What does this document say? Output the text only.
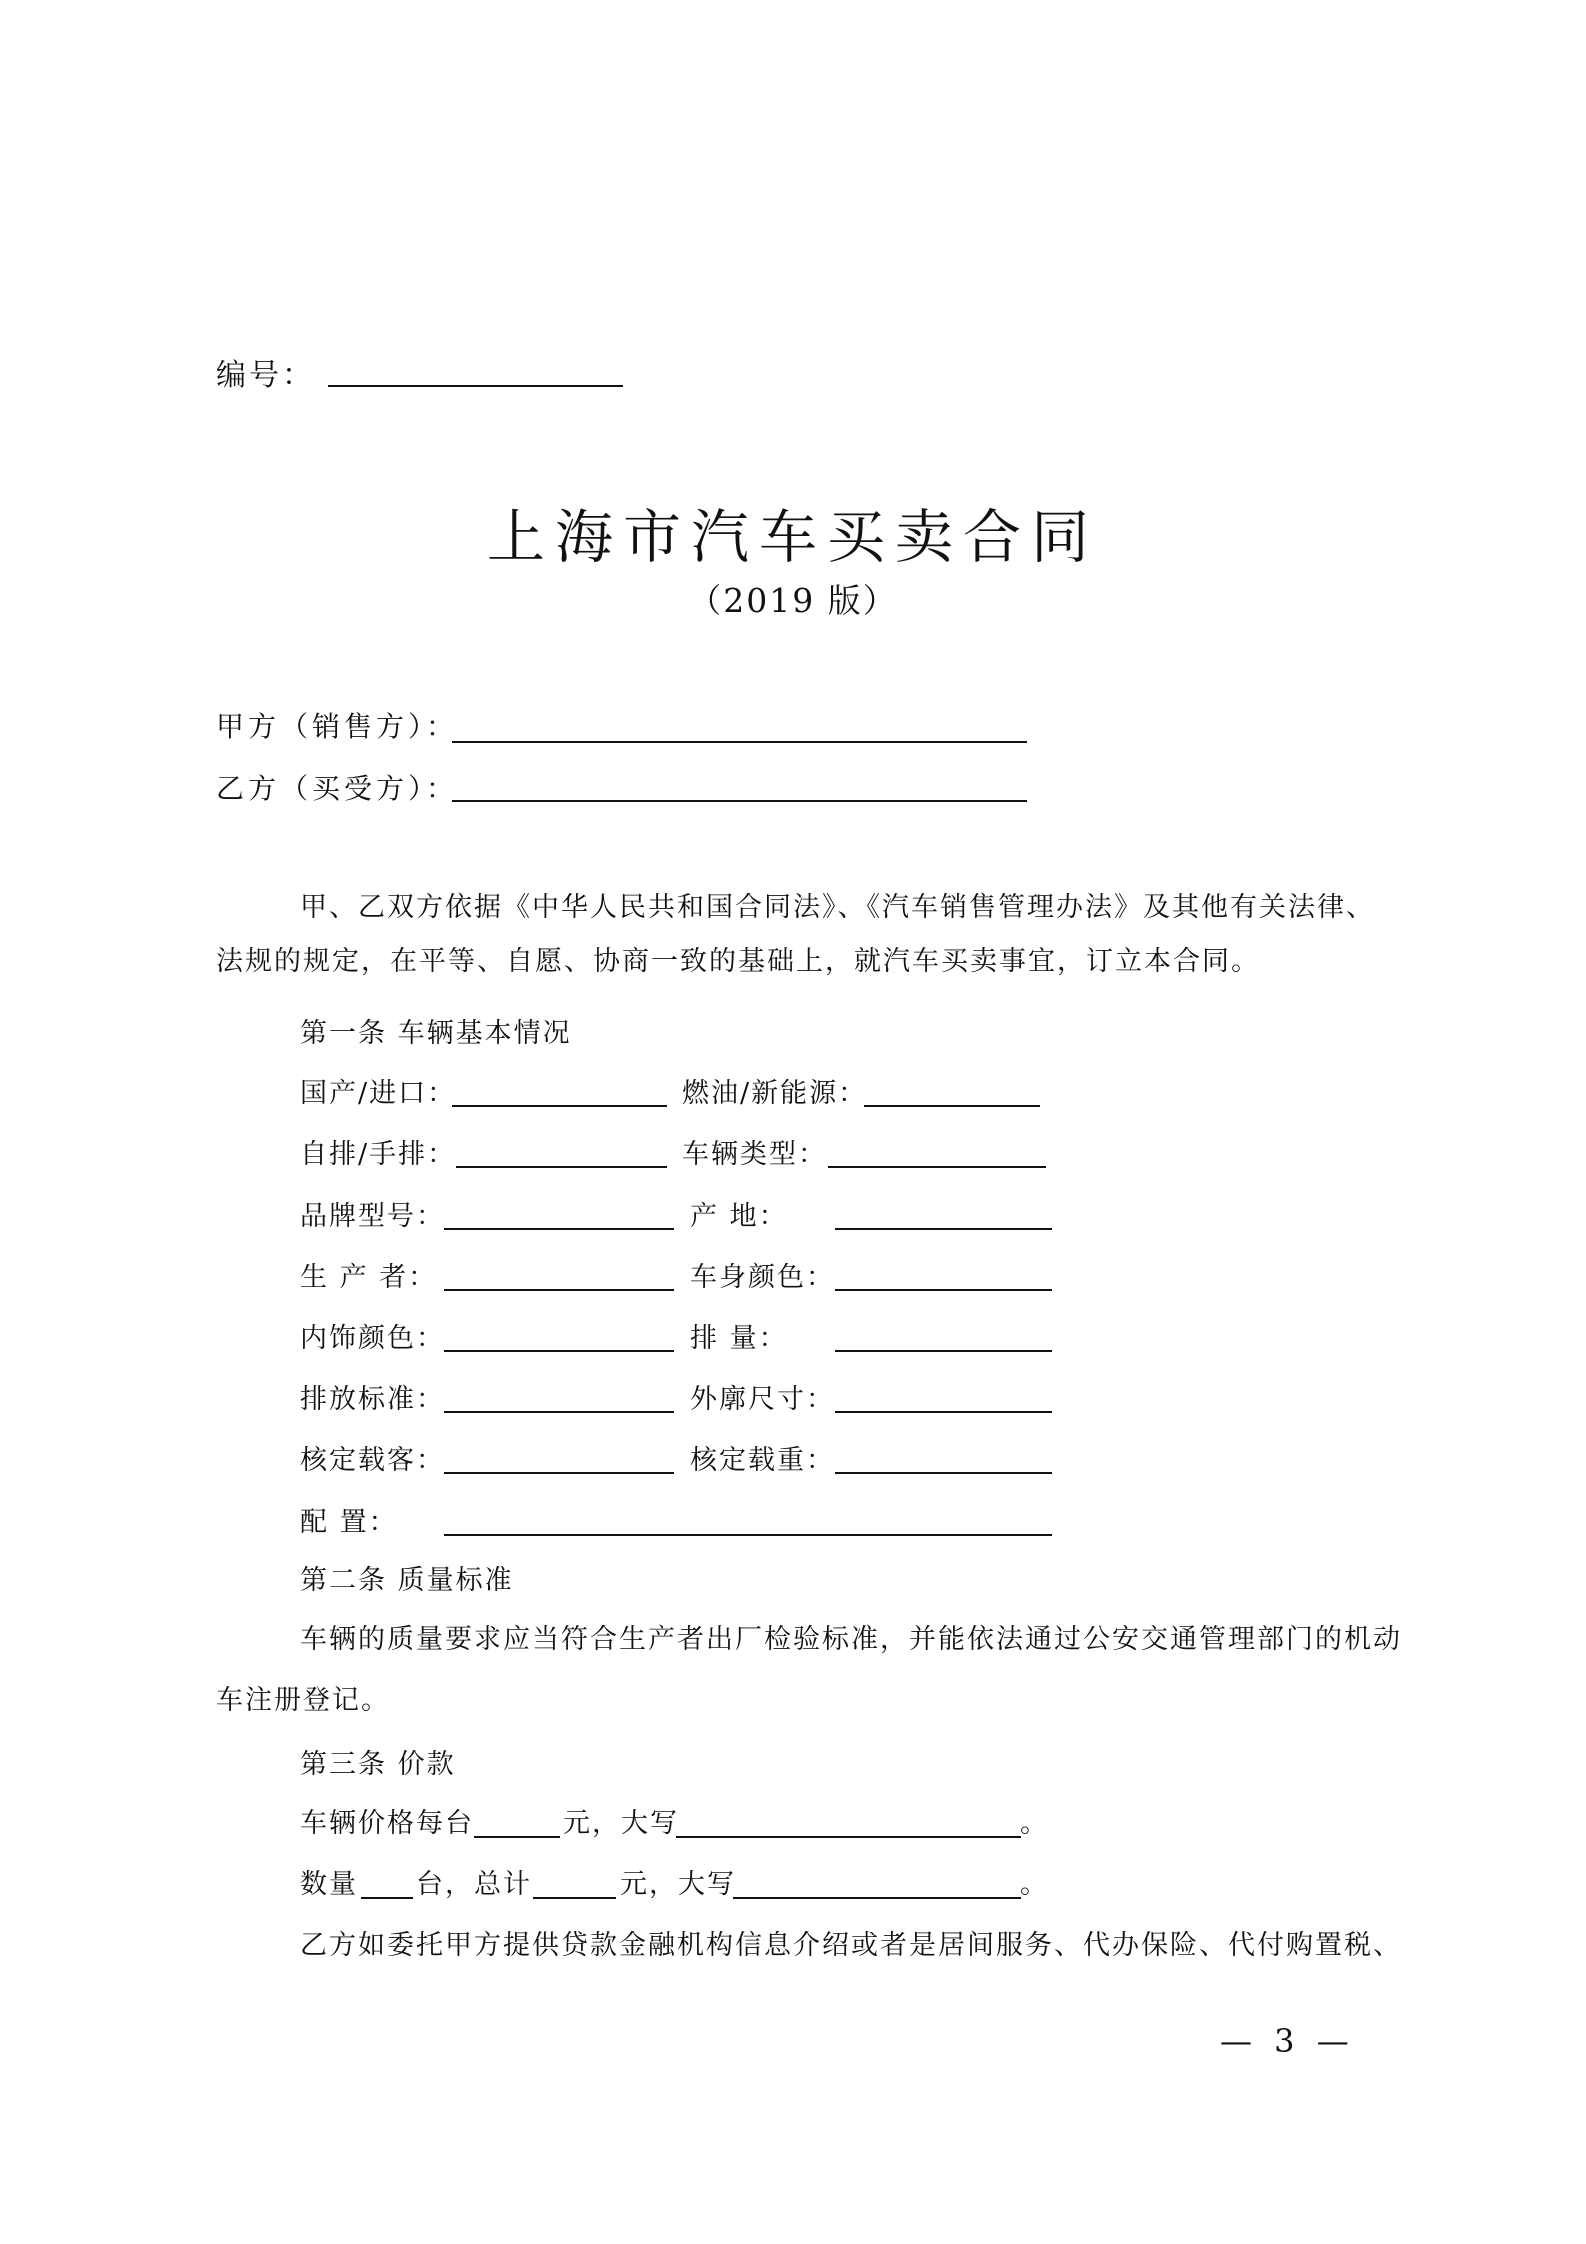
编号：
上海市汽车买卖合同
（2019 版）
甲方（销售方）：
乙方（买受方）：
甲、乙双方依据《中华人民共和国合同法》、《汽车销售管理办法》及其他有关法律、
法规的规定，在平等、自愿、协商一致的基础上，就汽车买卖事宜，订立本合同。
第一条 车辆基本情况
国产/进口：	燃油/新能源：
自排/手排：	车辆类型：
品牌型号：	产 地：
生 产 者：	车身颜色：
内饰颜色：	排 量：
排放标准：	外廓尺寸：
核定载客：	核定载重：
配 置：
第二条 质量标准
车辆的质量要求应当符合生产者出厂检验标准，并能依法通过公安交通管理部门的机动
车注册登记。
第三条 价款
车辆价格每台	元，大写	。
数量 台，总计	元，大写	。
乙方如委托甲方提供贷款金融机构信息介绍或者是居间服务、代办保险、代付购置税、
— 3 —
